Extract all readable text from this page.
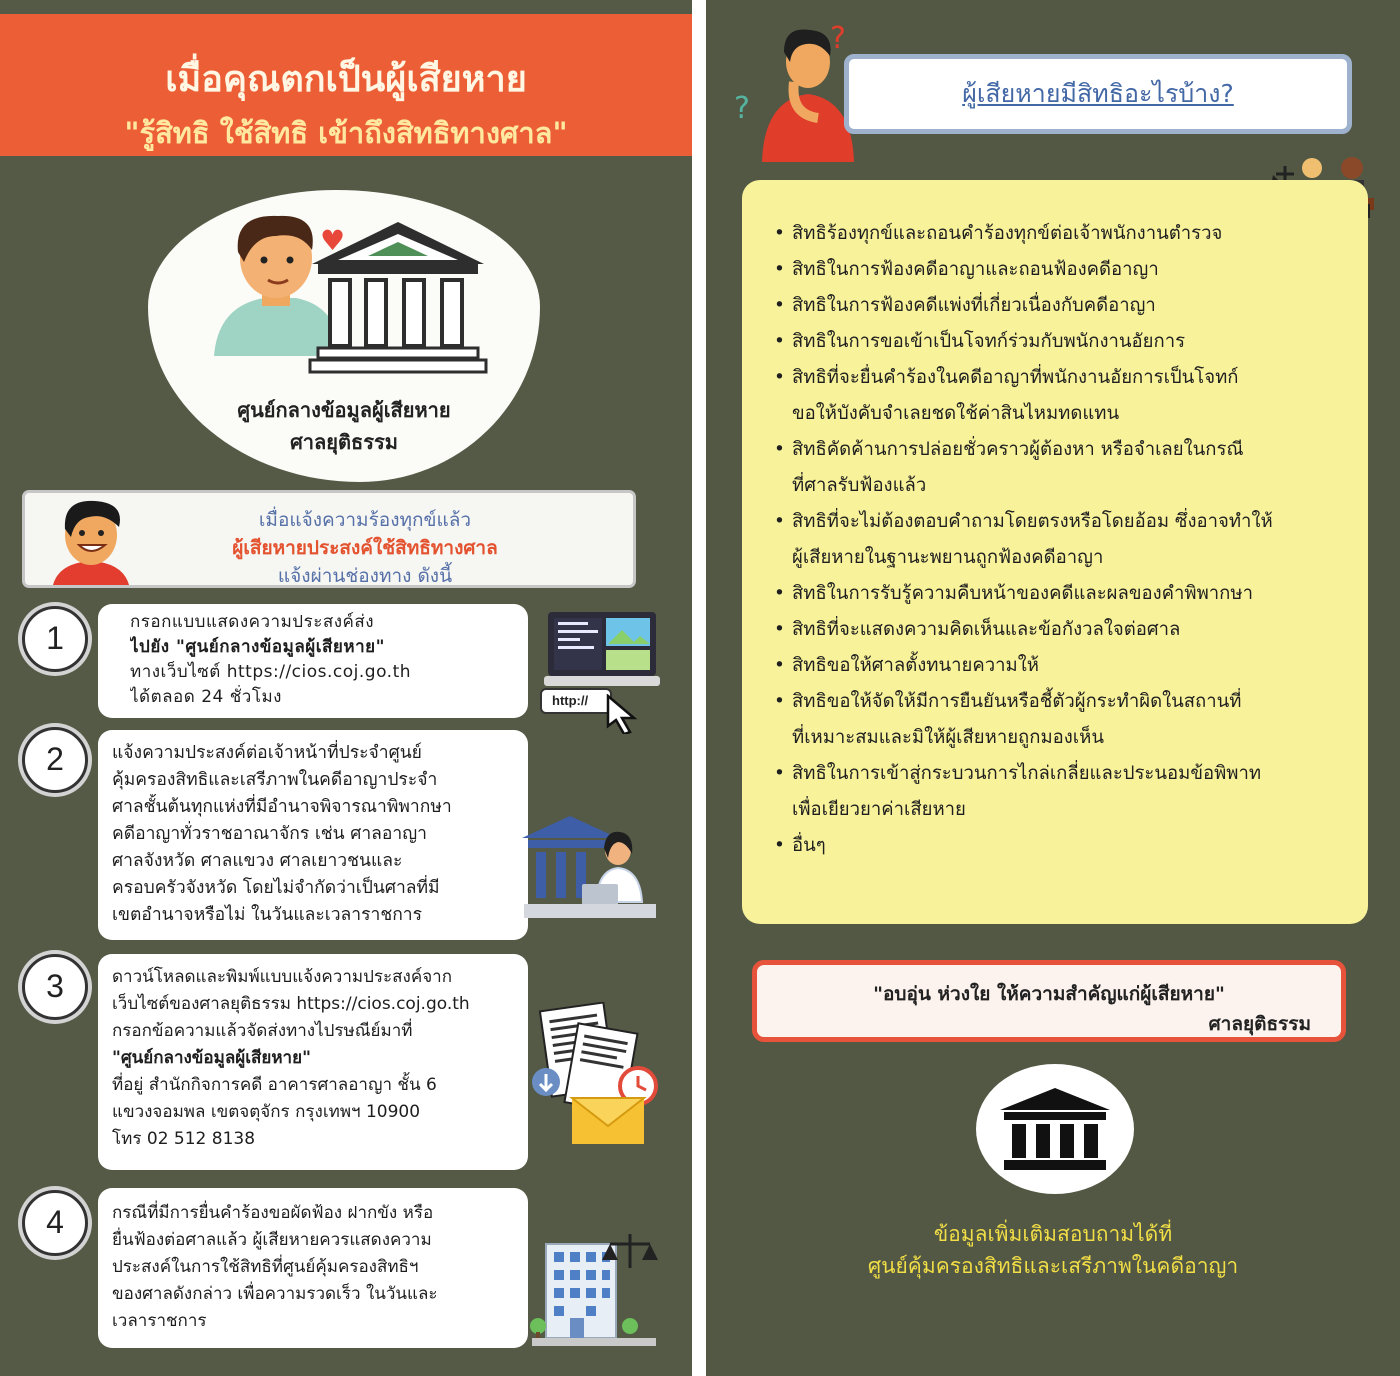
เมื่อคุณตกเป็นผู้เสียหาย
"รู้สิทธิ ใช้สิทธิ เข้าถึงสิทธิทางศาล"
♥
ศูนย์กลางข้อมูลผู้เสียหาย
ศาลยุติธรรม
เมื่อแจ้งความร้องทุกข์แล้ว
ผู้เสียหายประสงค์ใช้สิทธิทางศาล
แจ้งผ่านช่องทาง ดังนี้
1	กรอกแบบแสดงความประสงค์ส่ง
ไปยัง "ศูนย์กลางข้อมูลผู้เสียหาย"
ทางเว็บไซต์ https://cios.coj.go.th
ได้ตลอด 24 ชั่วโมง	http://
2	แจ้งความประสงค์ต่อเจ้าหน้าที่ประจำศูนย์
คุ้มครองสิทธิและเสรีภาพในคดีอาญาประจำ
ศาลชั้นต้นทุกแห่งที่มีอำนาจพิจารณาพิพากษา
คดีอาญาทั่วราชอาณาจักร เช่น ศาลอาญา
ศาลจังหวัด ศาลแขวง ศาลเยาวชนและ
ครอบครัวจังหวัด โดยไม่จำกัดว่าเป็นศาลที่มี
เขตอำนาจหรือไม่ ในวันและเวลาราชการ
3	ดาวน์โหลดและพิมพ์แบบแจ้งความประสงค์จาก
เว็บไซต์ของศาลยุติธรรม https://cios.coj.go.th
กรอกข้อความแล้วจัดส่งทางไปรษณีย์มาที่
"ศูนย์กลางข้อมูลผู้เสียหาย"
ที่อยู่ สำนักกิจการคดี อาคารศาลอาญา ชั้น 6
แขวงจอมพล เขตจตุจักร กรุงเทพฯ 10900
โทร 02 512 8138
4	กรณีที่มีการยื่นคำร้องขอผัดฟ้อง ฝากขัง หรือ
ยื่นฟ้องต่อศาลแล้ว ผู้เสียหายควรแสดงความ
ประสงค์ในการใช้สิทธิที่ศูนย์คุ้มครองสิทธิฯ
ของศาลดังกล่าว เพื่อความรวดเร็ว ในวันและ
เวลาราชการ
?
?	ผู้เสียหายมีสิทธิอะไรบ้าง?
• สิทธิร้องทุกข์และถอนคำร้องทุกข์ต่อเจ้าพนักงานตำรวจ
• สิทธิในการฟ้องคดีอาญาและถอนฟ้องคดีอาญา
• สิทธิในการฟ้องคดีแพ่งที่เกี่ยวเนื่องกับคดีอาญา
• สิทธิในการขอเข้าเป็นโจทก์ร่วมกับพนักงานอัยการ
• สิทธิที่จะยื่นคำร้องในคดีอาญาที่พนักงานอัยการเป็นโจทก์
ขอให้บังคับจำเลยชดใช้ค่าสินไหมทดแทน
• สิทธิคัดค้านการปล่อยชั่วคราวผู้ต้องหา หรือจำเลยในกรณี
ที่ศาลรับฟ้องแล้ว
• สิทธิที่จะไม่ต้องตอบคำถามโดยตรงหรือโดยอ้อม ซึ่งอาจทำให้
ผู้เสียหายในฐานะพยานถูกฟ้องคดีอาญา
• สิทธิในการรับรู้ความคืบหน้าของคดีและผลของคำพิพากษา
• สิทธิที่จะแสดงความคิดเห็นและข้อกังวลใจต่อศาล
• สิทธิขอให้ศาลตั้งทนายความให้
• สิทธิขอให้จัดให้มีการยืนยันหรือชี้ตัวผู้กระทำผิดในสถานที่
ที่เหมาะสมและมิให้ผู้เสียหายถูกมองเห็น
• สิทธิในการเข้าสู่กระบวนการไกล่เกลี่ยและประนอมข้อพิพาท
เพื่อเยียวยาค่าเสียหาย
• อื่นๆ
"อบอุ่น ห่วงใย ให้ความสำคัญแก่ผู้เสียหาย"
ศาลยุติธรรม
ข้อมูลเพิ่มเติมสอบถามได้ที่
ศูนย์คุ้มครองสิทธิและเสรีภาพในคดีอาญา
